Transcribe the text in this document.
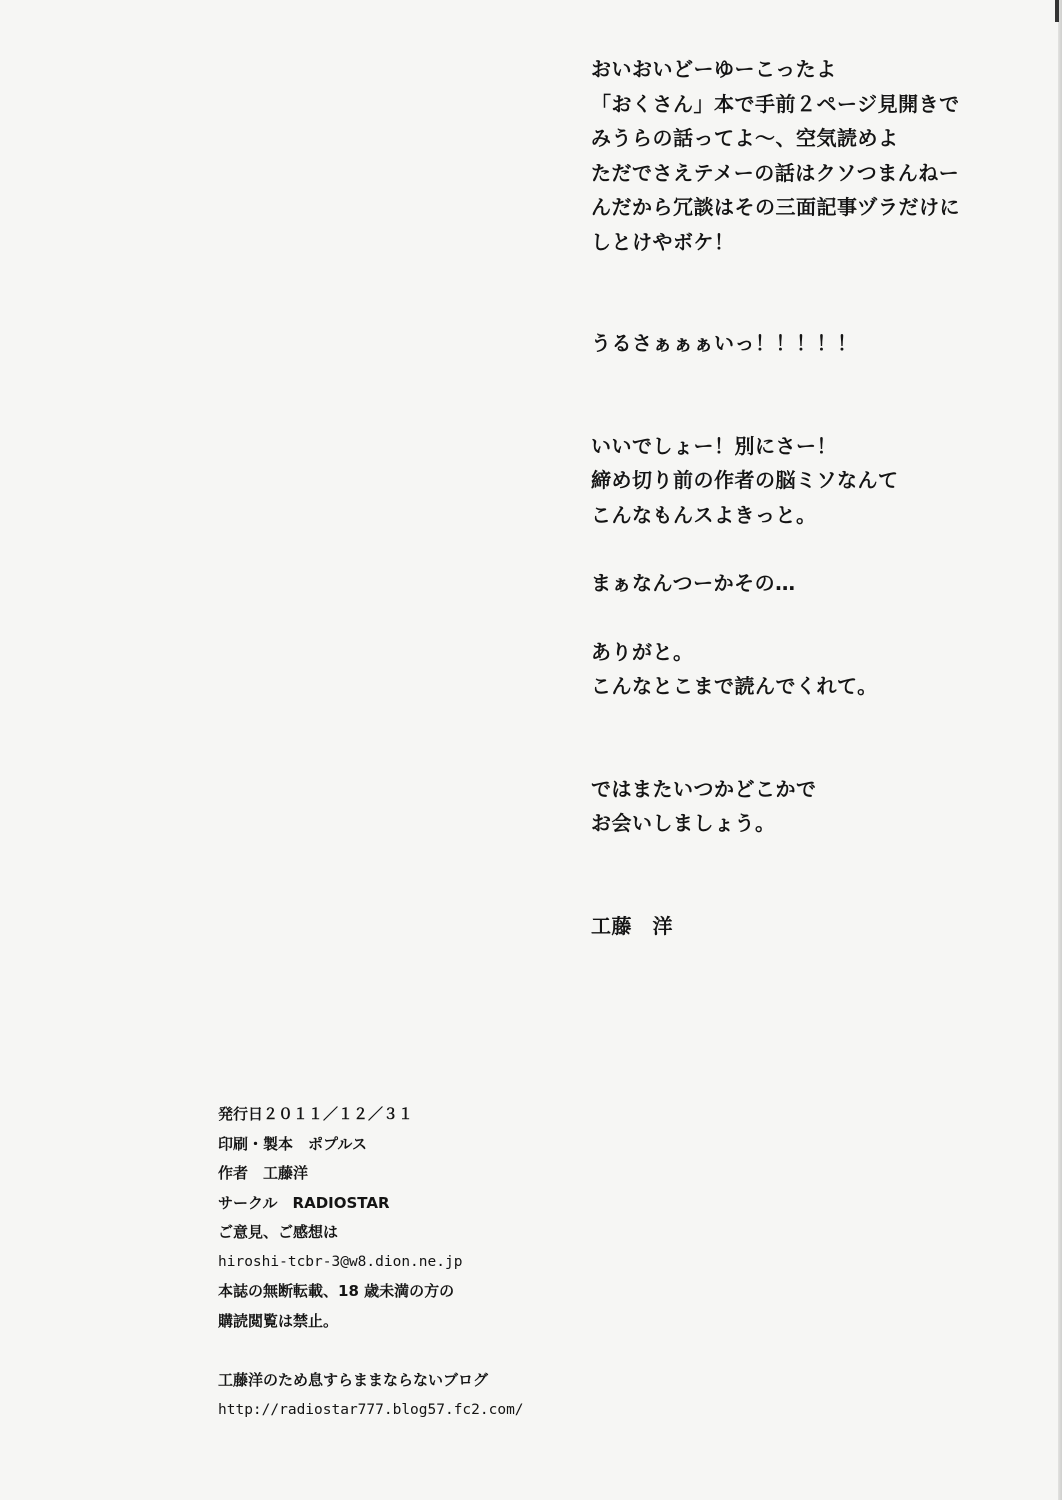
おいおいどーゆーこったよ
「おくさん」本で手前２ページ見開きで
みうらの話ってよ～、空気読めよ
ただでさえテメーの話はクソつまんねー
んだから冗談はその三面記事ヅラだけに
しとけやボケ！
うるさぁぁぁいっ！！！！！
いいでしょー！別にさー！
締め切り前の作者の脳ミソなんて
こんなもんスよきっと。
まぁなんつーかその…
ありがと。
こんなとこまで読んでくれて。
ではまたいつかどこかで
お会いしましょう。
工藤　洋
発行日２０１１／１２／３１
印刷・製本　ポプルス
作者　工藤洋
サークル　RADIOSTAR
ご意見、ご感想は
hiroshi-tcbr-3@w8.dion.ne.jp
本誌の無断転載、18 歳未満の方の
購読閲覧は禁止。
工藤洋のため息すらままならないブログ
http://radiostar777.blog57.fc2.com/
